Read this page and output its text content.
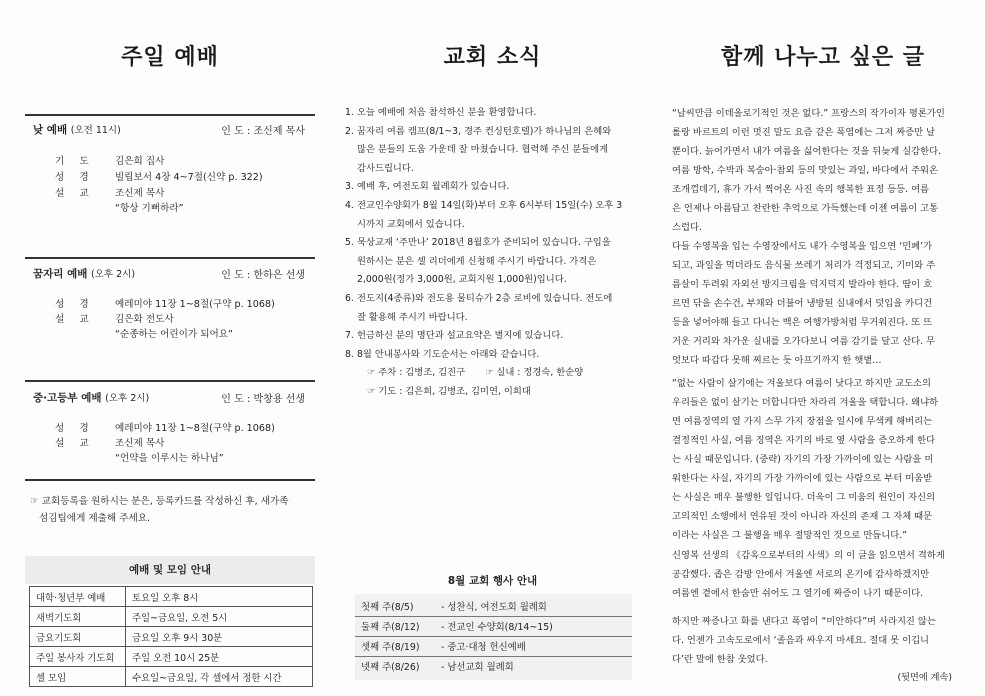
주일 예배
낮 예배 (오전 11시)	인 도 : 조신제 목사
기 도	김은희 집사
성 경	빌립보서 4장 4~7절(신약 p. 322)
설 교	조신제 목사
“항상 기뻐하라”
꿈자리 예배 (오후 2시)	인 도 : 한하은 선생
성 경	예레미야 11장 1~8절(구약 p. 1068)
설 교	김은화 전도사
“순종하는 어린이가 되어요”
중·고등부 예배 (오후 2시)	인 도 : 박창용 선생
성 경	예레미야 11장 1~8절(구약 p. 1068)
설 교	조신제 목사
“언약을 이루시는 하나님”
☞ 교회등록을 원하시는 분은, 등록카드를 작성하신 후, 새가족
섬김팀에게 제출해 주세요.
예배 및 모임 안내
대학·청년부 예배	토요일 오후 8시
새벽기도회	주일~금요일, 오전 5시
금요기도회	금요일 오후 9시 30분
주일 봉사자 기도회	주일 오전 10시 25분
셀 모임	수요일~금요일, 각 셀에서 정한 시간
교회 소식
1. 오늘 예배에 처음 참석하신 분을 환영합니다.
2. 꿈자리 여름 캠프(8/1~3, 경주 컨싱턴호텔)가 하나님의 은혜와
많은 분들의 도움 가운데 잘 마쳤습니다. 협력해 주신 분들에게
감사드립니다.
3. 예배 후, 여전도회 월례회가 있습니다.
4. 전교인수양회가 8월 14일(화)부터 오후 6시부터 15일(수) 오후 3
시까지 교회에서 있습니다.
5. 묵상교재 ‘주만나’ 2018년 8월호가 준비되어 있습니다. 구입을
원하시는 분은 셀 리더에게 신청해 주시기 바랍니다. 가격은
2,000원(정가 3,000원, 교회지원 1,000원)입니다.
6. 전도지(4종류)와 전도용 물티슈가 2층 로비에 있습니다. 전도에
잘 활용해 주시기 바랍니다.
7. 헌금하신 분의 명단과 설교요약은 별지에 있습니다.
8. 8월 안내봉사와 기도순서는 아래와 같습니다.
☞ 주차 : 김병조, 김진구 ☞ 실내 : 정경숙, 한순양
☞ 기도 : 김은희, 김병조, 김미연, 이희대
8월 교회 행사 안내
첫째 주(8/5)	- 성찬식, 여전도회 월례회
둘째 주(8/12)	- 전교인 수양회(8/14~15)
셋째 주(8/19)	- 중고·대청 헌신예배
넷째 주(8/26)	- 남선교회 월례회
함께 나누고 싶은 글
“날씨만큼 이데올로기적인 것은 없다.” 프랑스의 작가이자 평론가인
롤랑 바르트의 이런 멋진 말도 요즘 같은 폭염에는 그저 짜증만 날
뿐이다. 늙어가면서 내가 여름을 싫어한다는 것을 뒤늦게 실감한다.
여름 방학, 수박과 복숭아·참외 등의 맛있는 과일, 바다에서 주워온
조개껍데기, 휴가 가서 찍어온 사진 속의 행복한 표정 등등. 여름
은 언제나 아름답고 찬란한 추억으로 가득했는데 이젠 여름이 고통
스럽다.
다들 수영복을 입는 수영장에서도 내가 수영복을 입으면 ‘민폐’가
되고, 과일을 먹더라도 음식물 쓰레기 처리가 걱정되고, 기미와 주
름살이 두려워 자외선 방지크림을 덕지덕지 발라야 한다. 땀이 흐
르면 닦을 손수건, 부채와 더불어 냉방된 실내에서 덧입을 카디건
등을 넣어야해 들고 다니는 백은 여행가방처럼 무거워진다. 또 뜨
거운 거리와 차가운 실내를 오가다보니 여름 감기를 달고 산다. 무
엇보다 따갑다 못해 찌르는 듯 아프기까지 한 햇볕…
“없는 사람이 살기에는 겨울보다 여름이 낫다고 하지만 교도소의
우리들은 없이 살기는 더합니다만 차라리 겨울을 택합니다. 왜냐하
면 여름징역의 열 가지 스무 가지 장점을 일시에 무색케 해버리는
결정적인 사실, 여름 징역은 자기의 바로 옆 사람을 증오하게 한다
는 사실 때문입니다. (중략) 자기의 가장 가까이에 있는 사람을 미
워한다는 사실, 자기의 가장 가까이에 있는 사람으로 부터 미움받
는 사실은 매우 불행한 일입니다. 더욱이 그 미움의 원인이 자신의
고의적인 소행에서 연유된 것이 아니라 자신의 존재 그 자체 때문
이라는 사실은 그 불행을 매우 절망적인 것으로 만듭니다.”
신영복 선생의 《감옥으로부터의 사색》의 이 글을 읽으면서 격하게
공감했다. 좁은 감방 안에서 겨울엔 서로의 온기에 감사하겠지만
여름엔 곁에서 한숨만 쉬어도 그 열기에 짜증이 나기 때문이다.
하지만 짜증나고 화를 낸다고 폭염이 “미안하다”며 사라지진 않는
다. 언젠가 고속도로에서 ‘졸음과 싸우지 마세요. 절대 못 이깁니
다’란 말에 한참 웃었다.
(뒷면에 계속)
